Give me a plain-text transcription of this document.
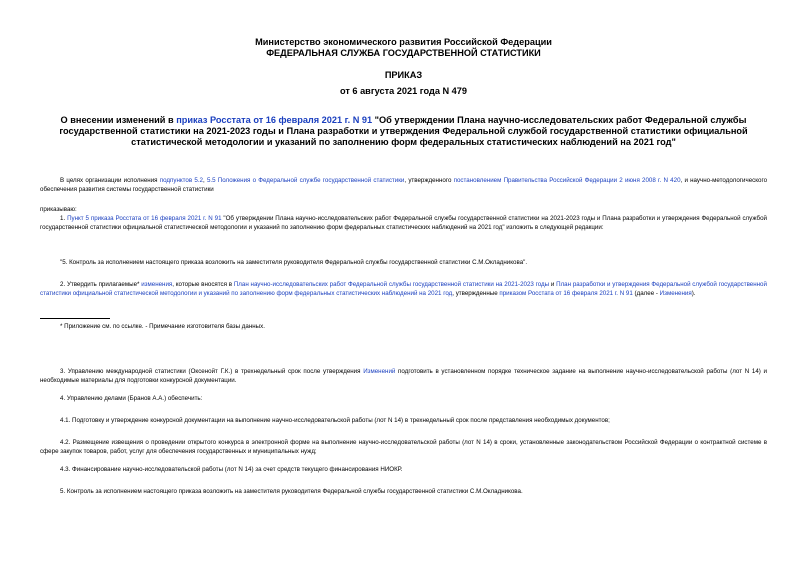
Министерство экономического развития Российской Федерации
ФЕДЕРАЛЬНАЯ СЛУЖБА ГОСУДАРСТВЕННОЙ СТАТИСТИКИ
ПРИКАЗ
от 6 августа 2021 года N 479
О внесении изменений в приказ Росстата от 16 февраля 2021 г. N 91 "Об утверждении Плана научно-исследовательских работ Федеральной службы государственной статистики на 2021-2023 годы и Плана разработки и утверждения Федеральной службой государственной статистики официальной статистической методологии и указаний по заполнению форм федеральных статистических наблюдений на 2021 год"
В целях организации исполнения подпунктов 5.2, 5.5 Положения о Федеральной службе государственной статистики, утвержденного постановлением Правительства Российской Федерации 2 июня 2008 г. N 420, и научно-методологического обеспечения развития системы государственной статистики
приказываю:
1. Пункт 5 приказа Росстата от 16 февраля 2021 г. N 91 "Об утверждении Плана научно-исследовательских работ Федеральной службы государственной статистики на 2021-2023 годы и Плана разработки и утверждения Федеральной службой государственной статистики официальной статистической методологии и указаний по заполнению форм федеральных статистических наблюдений на 2021 год" изложить в следующей редакции:
"5. Контроль за исполнением настоящего приказа возложить на заместителя руководителя Федеральной службы государственной статистики С.М.Окладникова".
2. Утвердить прилагаемые* изменения, которые вносятся в План научно-исследовательских работ Федеральной службы государственной статистики на 2021-2023 годы и План разработки и утверждения Федеральной службой государственной статистики официальной статистической методологии и указаний по заполнению форм федеральных статистических наблюдений на 2021 год, утвержденные приказом Росстата от 16 февраля 2021 г. N 91 (далее - Изменения).
* Приложение см. по ссылке. - Примечание изготовителя базы данных.
3. Управлению международной статистики (Оксенойт Г.К.) в трехнедельный срок после утверждения Изменений подготовить в установленном порядке техническое задание на выполнение научно-исследовательской работы (лот N 14) и необходимые материалы для подготовки конкурсной документации.
4. Управлению делами (Бранов А.А.) обеспечить:
4.1. Подготовку и утверждение конкурсной документации на выполнение научно-исследовательской работы (лот N 14) в трехнедельный срок после представления необходимых документов;
4.2. Размещение извещения о проведении открытого конкурса в электронной форме на выполнение научно-исследовательской работы (лот N 14) в сроки, установленные законодательством Российской Федерации о контрактной системе в сфере закупок товаров, работ, услуг для обеспечения государственных и муниципальных нужд;
4.3. Финансирование научно-исследовательской работы (лот N 14) за счет средств текущего финансирования НИОКР.
5. Контроль за исполнением настоящего приказа возложить на заместителя руководителя Федеральной службы государственной статистики С.М.Окладникова.
